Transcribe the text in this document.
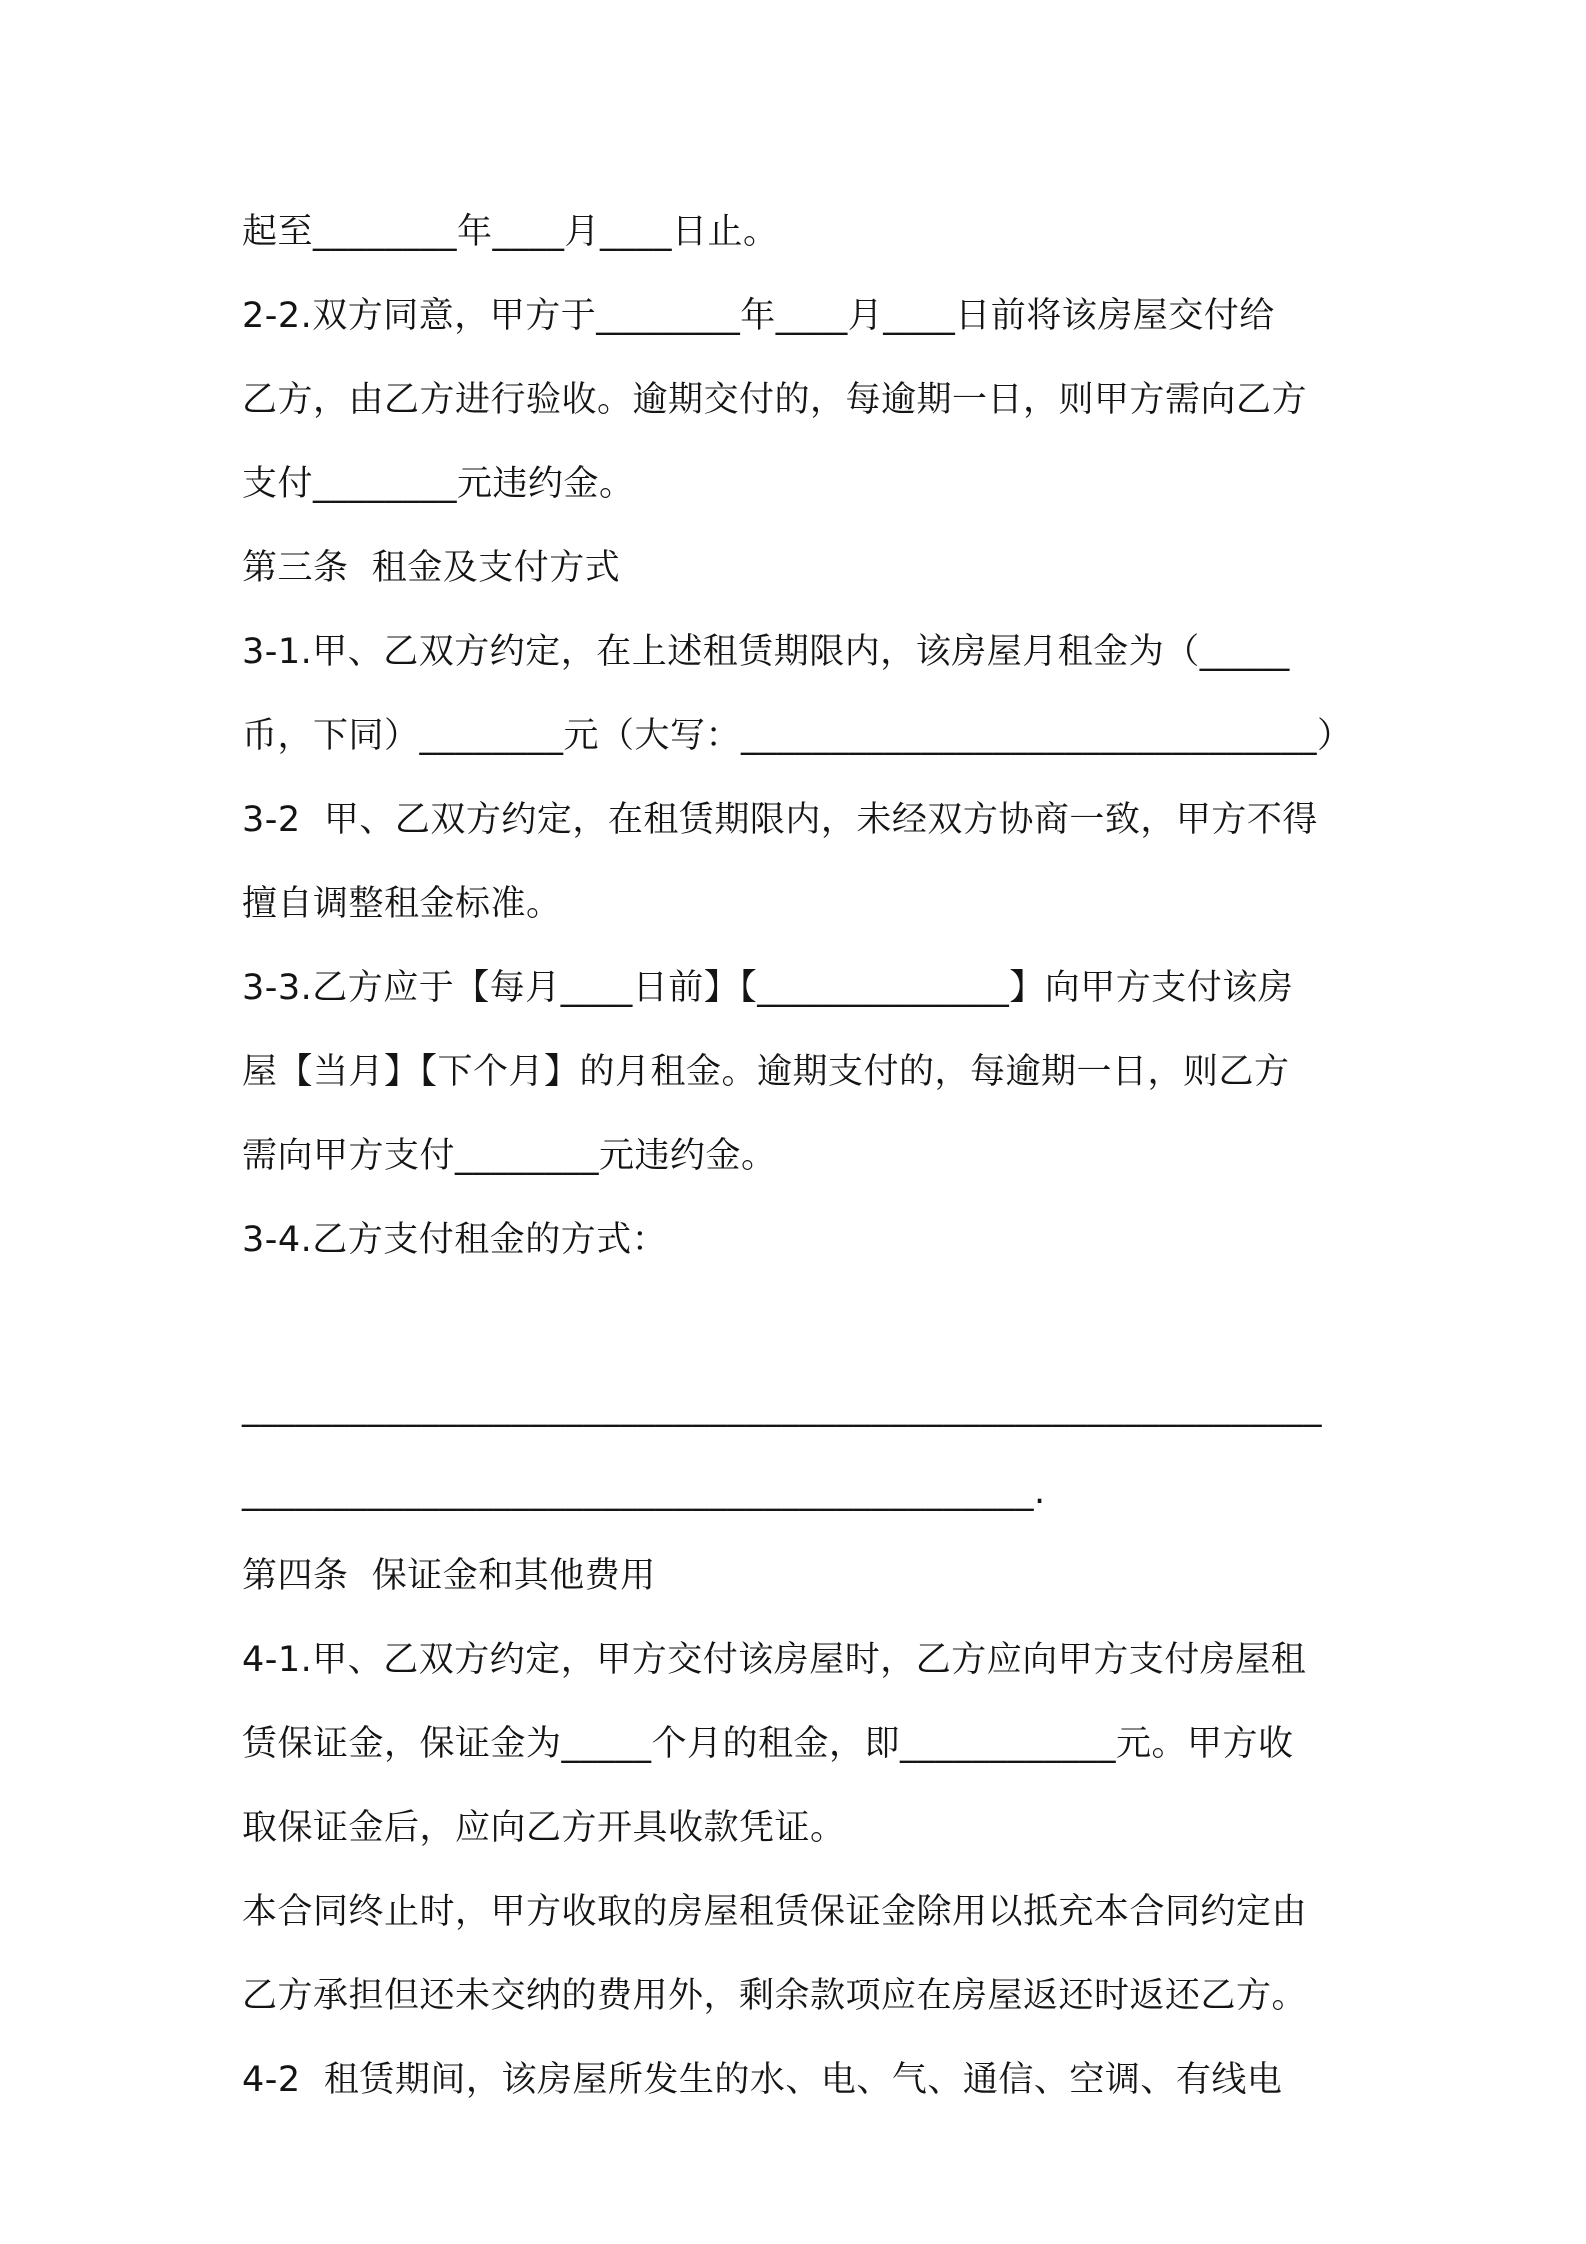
起至________年____月____日止。
2-2.双方同意，甲方于________年____月____日前将该房屋交付给
乙方，由乙方进行验收。逾期交付的，每逾期一日，则甲方需向乙方
支付________元违约金。
第三条  租金及支付方式
3-1.甲、乙双方约定，在上述租赁期限内，该房屋月租金为（_____
币，下同）________元（大写：________________________________）
3-2  甲、乙双方约定，在租赁期限内，未经双方协商一致，甲方不得
擅自调整租金标准。
3-3.乙方应于【每月____日前】【______________】向甲方支付该房
屋【当月】【下个月】的月租金。逾期支付的，每逾期一日，则乙方
需向甲方支付________元违约金。
3-4.乙方支付租金的方式：
____________________________________________________________
____________________________________________.
第四条  保证金和其他费用
4-1.甲、乙双方约定，甲方交付该房屋时，乙方应向甲方支付房屋租
赁保证金，保证金为_____个月的租金，即____________元。甲方收
取保证金后，应向乙方开具收款凭证。
本合同终止时，甲方收取的房屋租赁保证金除用以抵充本合同约定由
乙方承担但还未交纳的费用外，剩余款项应在房屋返还时返还乙方。
4-2  租赁期间，该房屋所发生的水、电、气、通信、空调、有线电
